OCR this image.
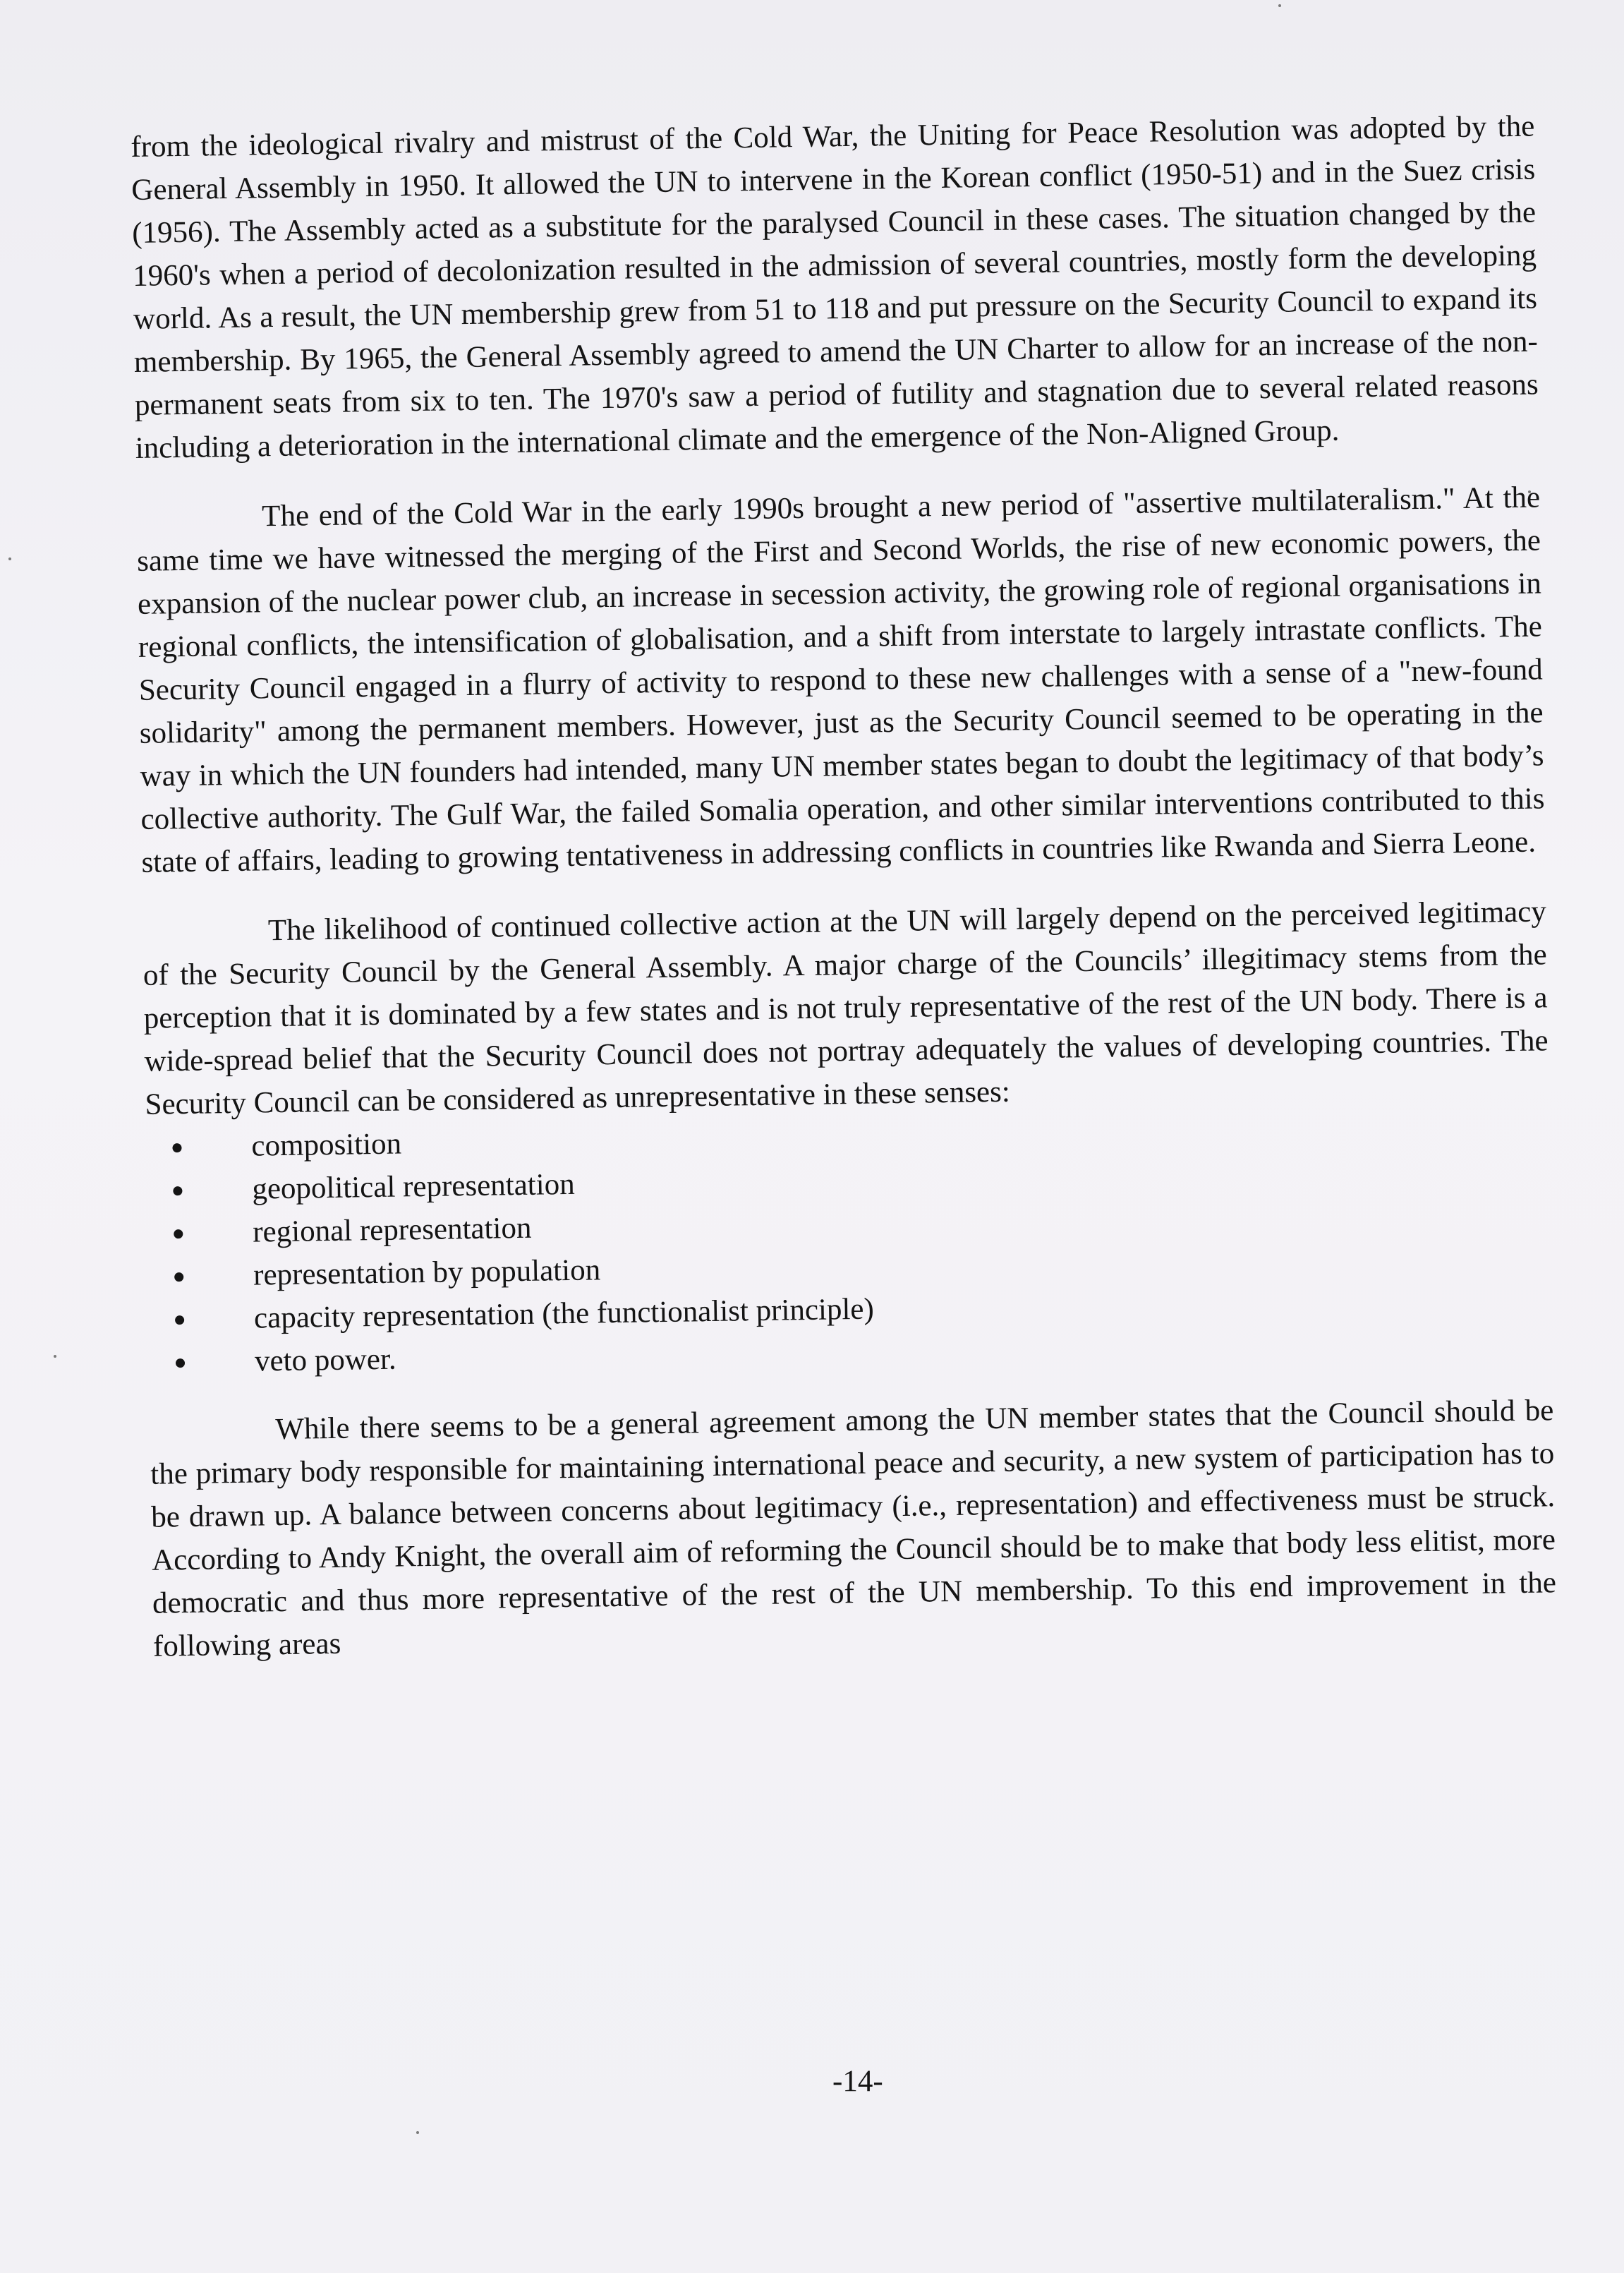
from the ideological rivalry and mistrust of the Cold War, the Uniting for Peace Resolution was adopted by the General Assembly in 1950. It allowed the UN to intervene in the Korean conflict (1950-51) and in the Suez crisis (1956). The Assembly acted as a substitute for the paralysed Council in these cases. The situation changed by the 1960's when a period of decolonization resulted in the admission of several countries, mostly form the developing world. As a result, the UN membership grew from 51 to 118 and put pressure on the Security Council to expand its membership. By 1965, the General Assembly agreed to amend the UN Charter to allow for an increase of the non-permanent seats from six to ten. The 1970's saw a period of futility and stagnation due to several related reasons including a deterioration in the international climate and the emergence of the Non-Aligned Group.

The end of the Cold War in the early 1990s brought a new period of "assertive multilateralism." At the same time we have witnessed the merging of the First and Second Worlds, the rise of new economic powers, the expansion of the nuclear power club, an increase in secession activity, the growing role of regional organisations in regional conflicts, the intensification of globalisation, and a shift from interstate to largely intrastate conflicts. The Security Council engaged in a flurry of activity to respond to these new challenges with a sense of a "new-found solidarity" among the permanent members. However, just as the Security Council seemed to be operating in the way in which the UN founders had intended, many UN member states began to doubt the legitimacy of that body’s collective authority. The Gulf War, the failed Somalia operation, and other similar interventions contributed to this state of affairs, leading to growing tentativeness in addressing conflicts in countries like Rwanda and Sierra Leone.

The likelihood of continued collective action at the UN will largely depend on the perceived legitimacy of the Security Council by the General Assembly. A major charge of the Councils’ illegitimacy stems from the perception that it is dominated by a few states and is not truly representative of the rest of the UN body. There is a wide-spread belief that the Security Council does not portray adequately the values of developing countries. The Security Council can be considered as unrepresentative in these senses:

composition
geopolitical representation
regional representation
representation by population
capacity representation (the functionalist principle)
veto power.

While there seems to be a general agreement among the UN member states that the Council should be the primary body responsible for maintaining international peace and security, a new system of participation has to be drawn up. A balance between concerns about legitimacy (i.e., representation) and effectiveness must be struck. According to Andy Knight, the overall aim of reforming the Council should be to make that body less elitist, more democratic and thus more representative of the rest of the UN membership. To this end improvement in the following areas

-14-
